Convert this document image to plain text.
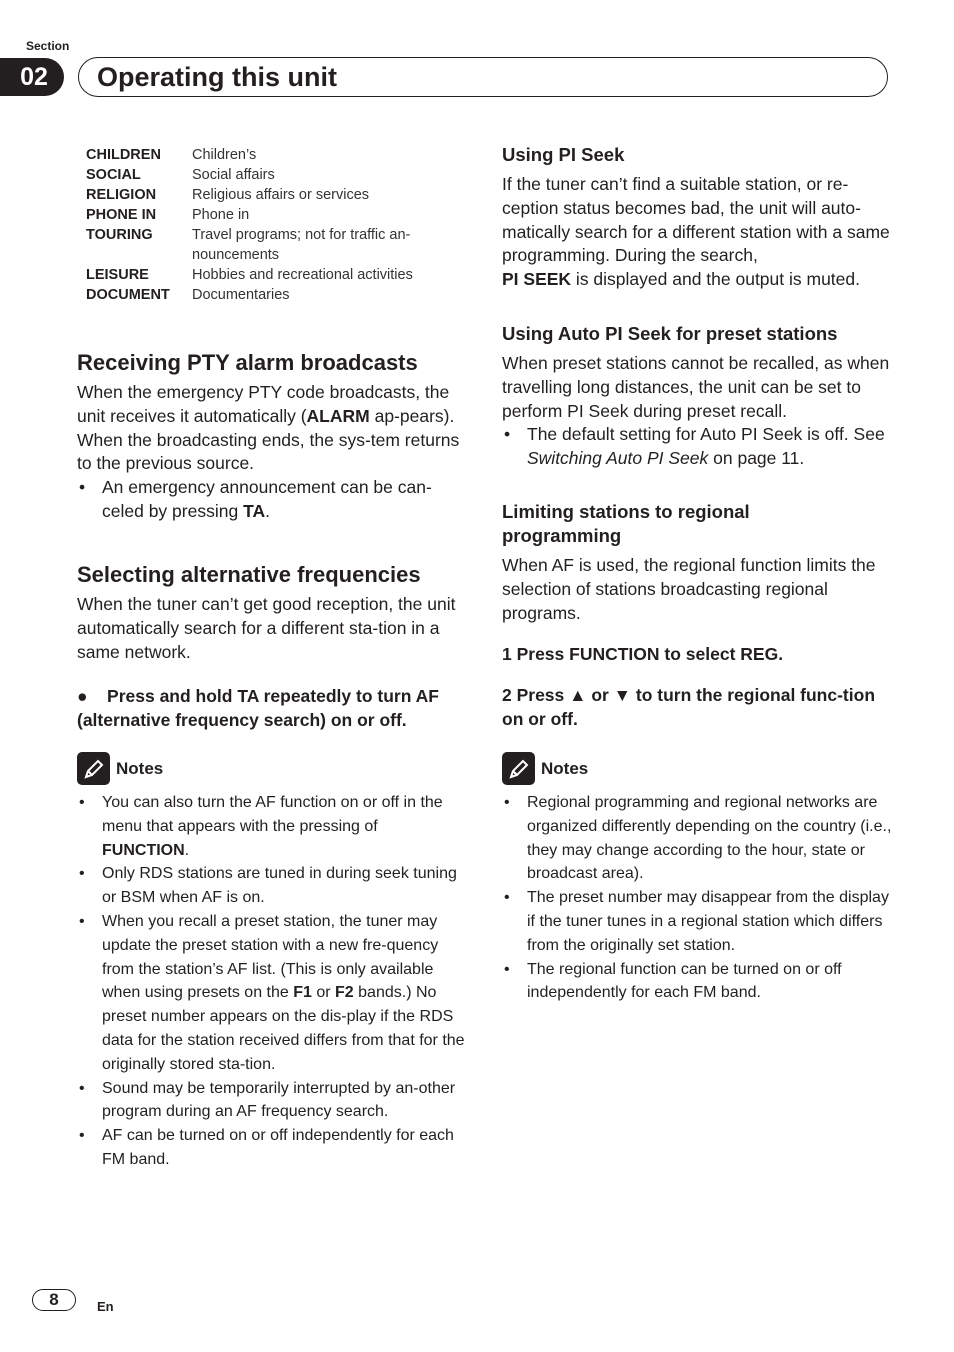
Section
02	Operating this unit
CHILDREN	Children’s
SOCIAL	Social affairs
RELIGION	Religious affairs or services
PHONE IN	Phone in
TOURING	Travel programs; not for traffic an-nouncements
LEISURE	Hobbies and recreational activities
DOCUMENT	Documentaries
Receiving PTY alarm broadcasts

When the emergency PTY code broadcasts, the unit receives it automatically (ALARM ap-pears). When the broadcasting ends, the sys-tem returns to the previous source.

• An emergency announcement can be can-celed by pressing TA.

Selecting alternative frequencies

When the tuner can’t get good reception, the unit automatically search for a different sta-tion in a same network.

● Press and hold TA repeatedly to turn AF (alternative frequency search) on or off.

Notes

• You can also turn the AF function on or off in the menu that appears with the pressing of FUNCTION.

• Only RDS stations are tuned in during seek tuning or BSM when AF is on.

• When you recall a preset station, the tuner may update the preset station with a new fre-quency from the station’s AF list. (This is only available when using presets on the F1 or F2 bands.) No preset number appears on the dis-play if the RDS data for the station received differs from that for the originally stored sta-tion.

• Sound may be temporarily interrupted by an-other program during an AF frequency search.

• AF can be turned on or off independently for each FM band.

Using PI Seek

If the tuner can’t find a suitable station, or re-ception status becomes bad, the unit will auto-matically search for a different station with a same programming. During the search,
PI SEEK is displayed and the output is muted.

Using Auto PI Seek for preset stations

When preset stations cannot be recalled, as when travelling long distances, the unit can be set to perform PI Seek during preset recall.

• The default setting for Auto PI Seek is off. See Switching Auto PI Seek on page 11.

Limiting stations to regional programming

When AF is used, the regional function limits the selection of stations broadcasting regional programs.

1 Press FUNCTION to select REG.

2 Press ▲ or ▼ to turn the regional func-tion on or off.

Notes

• Regional programming and regional networks are organized differently depending on the country (i.e., they may change according to the hour, state or broadcast area).

• The preset number may disappear from the display if the tuner tunes in a regional station which differs from the originally set station.

• The regional function can be turned on or off independently for each FM band.

8	En
